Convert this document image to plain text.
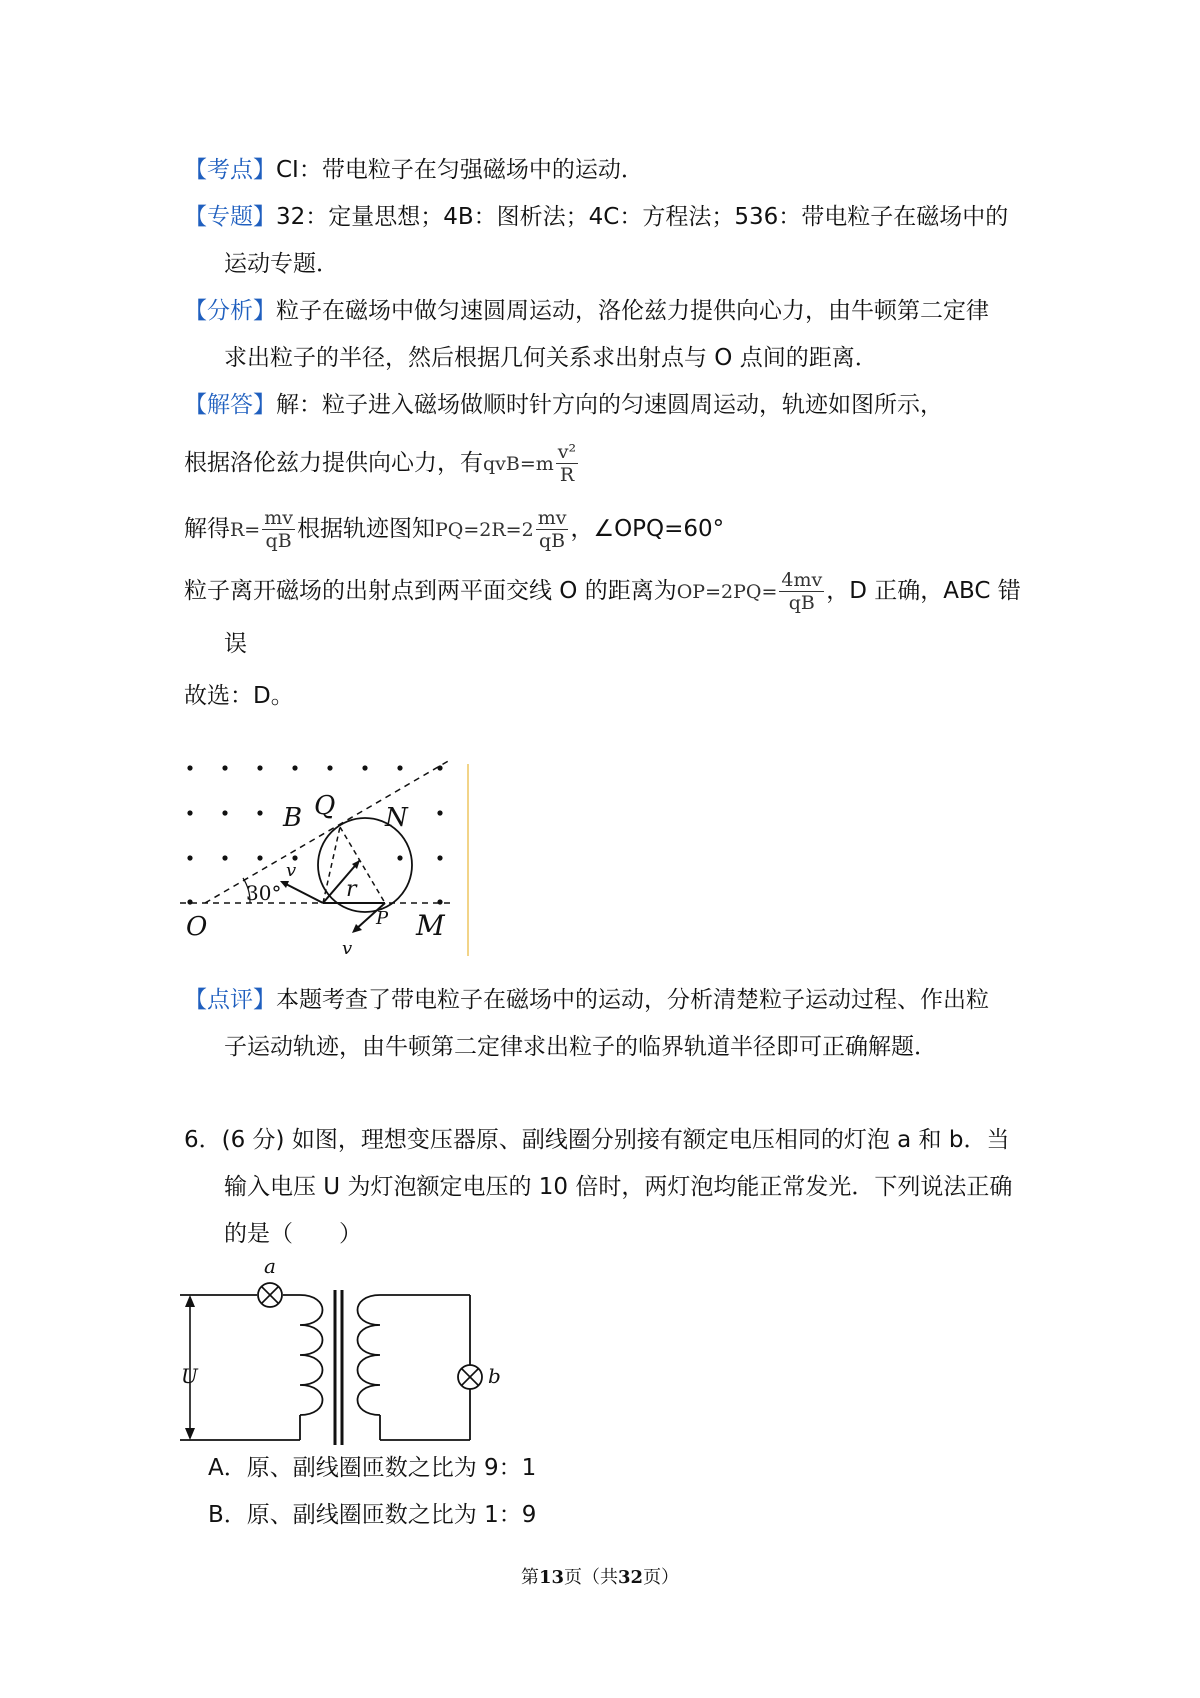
【考点】CI：带电粒子在匀强磁场中的运动．
【专题】32：定量思想；4B：图析法；4C：方程法；536：带电粒子在磁场中的
运动专题．
【分析】粒子在磁场中做匀速圆周运动，洛伦兹力提供向心力，由牛顿第二定律
求出粒子的半径，然后根据几何关系求出射点与 O 点间的距离．
【解答】解：粒子进入磁场做顺时针方向的匀速圆周运动，轨迹如图所示，
根据洛伦兹力提供向心力，有$qvB=m \frac{\text{v²}}{R}$
解得$R= \frac{mv}{qB}$ 根据轨迹图知$PQ=2R=2 \frac{mv}{qB}$ ，∠OPQ=60°
粒子离开磁场的出射点到两平面交线 O 的距离为$OP=2PQ= \frac{4mv}{qB}$ ，D 正确，ABC 错
误
故选：D。
B Q N
v
30°	r
O	P M
v
【点评】本题考查了带电粒子在磁场中的运动，分析清楚粒子运动过程、作出粒
子运动轨迹，由牛顿第二定律求出粒子的临界轨道半径即可正确解题．
6．(6 分) 如图，理想变压器原、副线圈分别接有额定电压相同的灯泡 a 和 b．当
输入电压 U 为灯泡额定电压的 10 倍时，两灯泡均能正常发光．下列说法正确
的是（　　）
a
b
U
A．原、副线圈匝数之比为 9：1
B．原、副线圈匝数之比为 1：9
第13页（共32页）
